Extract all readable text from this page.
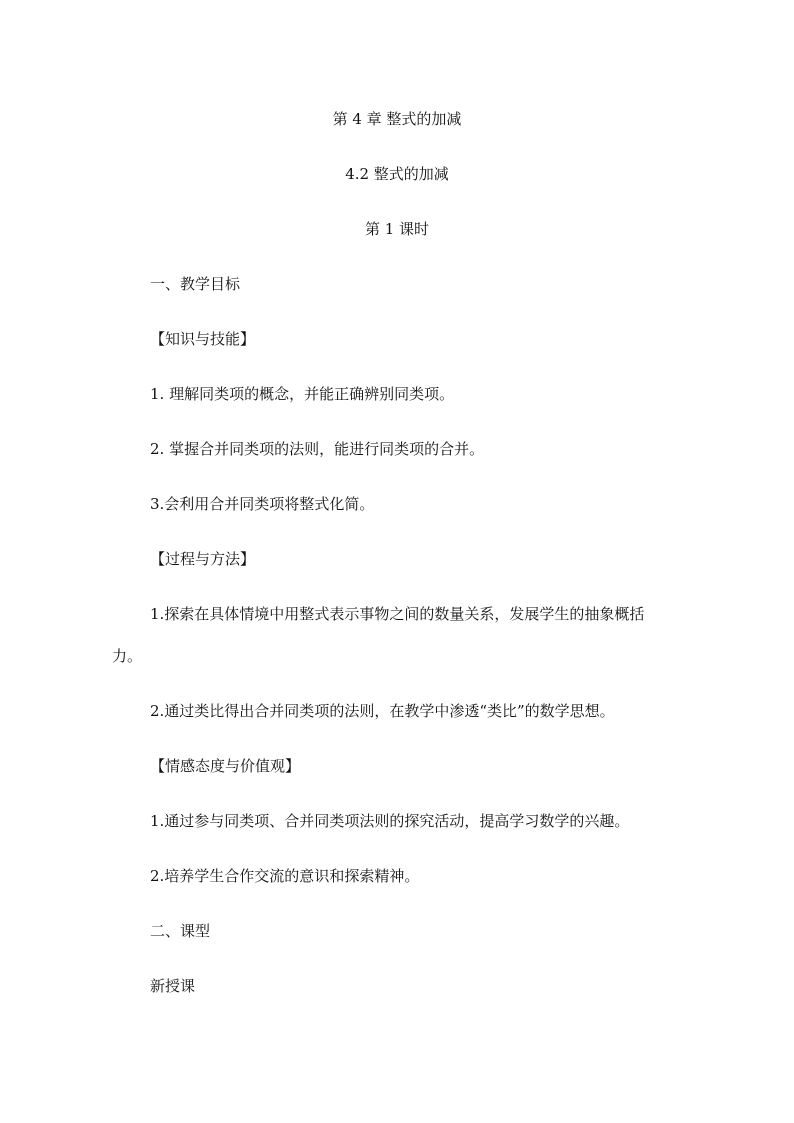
第 4 章 整式的加减
4.2 整式的加减
第 1 课时
一、教学目标
【知识与技能】
1. 理解同类项的概念，并能正确辨别同类项。
2. 掌握合并同类项的法则，能进行同类项的合并。
3.会利用合并同类项将整式化简。
【过程与方法】
1.探索在具体情境中用整式表示事物之间的数量关系，发展学生的抽象概括
力。
2.通过类比得出合并同类项的法则，在教学中渗透“类比”的数学思想。
【情感态度与价值观】
1.通过参与同类项、合并同类项法则的探究活动，提高学习数学的兴趣。
2.培养学生合作交流的意识和探索精神。
二、课型
新授课
